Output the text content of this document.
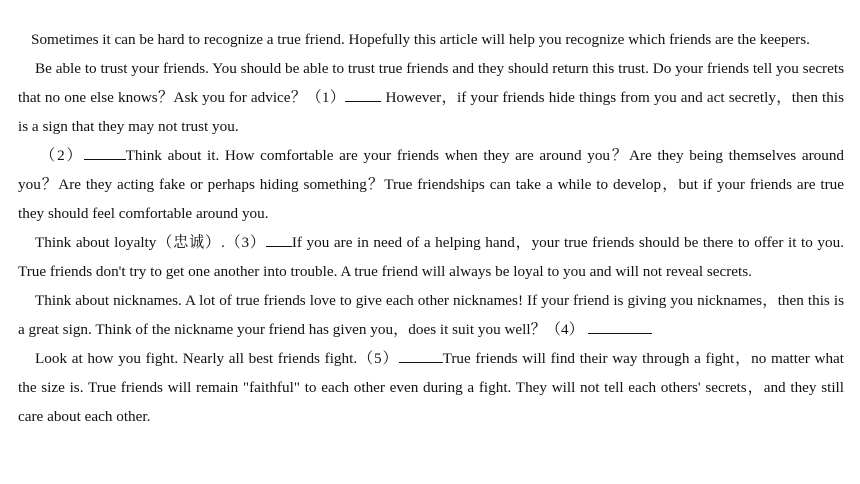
Sometimes it can be hard to recognize a true friend. Hopefully this article will help you recognize which friends are the keepers.

Be able to trust your friends. You should be able to trust true friends and they should return this trust. Do your friends tell you secrets that no one else knows？Ask you for advice？（1） However，if your friends hide things from you and act secretly，then this is a sign that they may not trust you.

（2）	Think about it. How comfortable are your friends when they are around you？Are they being themselves around you？Are they acting fake or perhaps hiding something？True friendships can take a while to develop，but if your friends are true they should feel comfortable around you.

Think about loyalty（忠诚）.（3） If you are in need of a helping hand，your true friends should be there to offer it to you. True friends don't try to get one another into trouble. A true friend will always be loyal to you and will not reveal secrets.

Think about nicknames. A lot of true friends love to give each other nicknames! If your friend is giving you nicknames，then this is a great sign. Think of the nickname your friend has given you，does it suit you well？（4）

Look at how you fight. Nearly all best friends fight.（5）	True friends will find their way through a fight，no matter what the size is. True friends will remain "faithful" to each other even during a fight. They will not tell each others' secrets，and they still care about each other.
